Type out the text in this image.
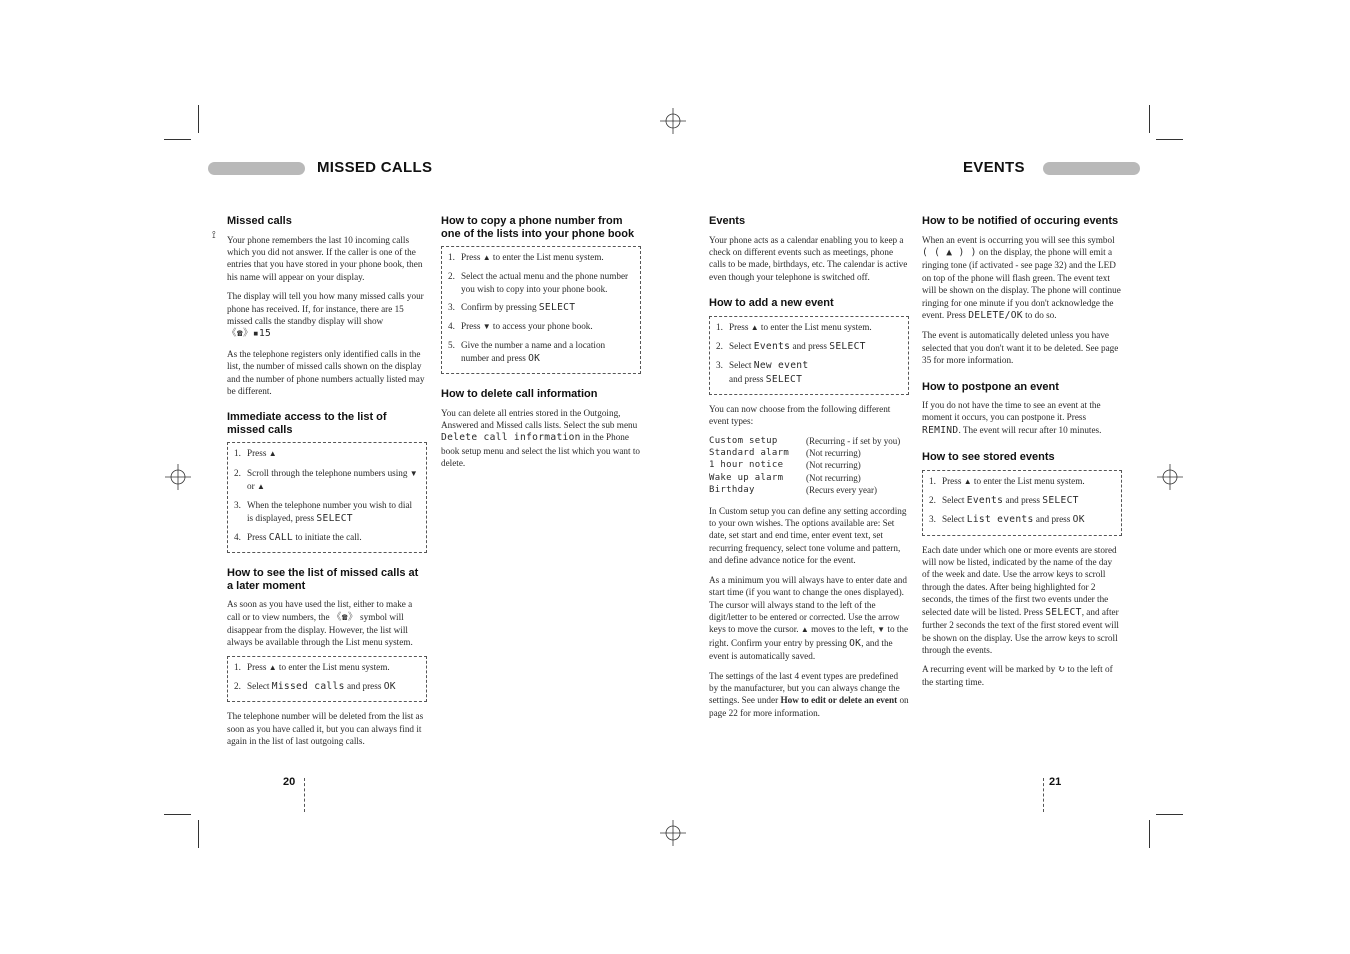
MISSED CALLS	EVENTS
⟟
Missed calls

Your phone remembers the last 10 incoming calls which you did not answer. If the caller is one of the entries that you have stored in your phone book, then his name will appear on your display.

The display will tell you how many missed calls your phone has received. If, for instance, there are 15 missed calls the standby display will show
《☎》▪15

As the telephone registers only identified calls in the list, the number of missed calls shown on the display and the number of phone numbers actually listed may be different.

Immediate access to the list of missed calls
1. Press ▲
2. Scroll through the telephone numbers using ▼ or ▲
3. When the telephone number you wish to dial is displayed, press SELECT
4. Press CALL to initiate the call.
How to see the list of missed calls at a later moment

As soon as you have used the list, either to make a call or to view numbers, the 《☎》 symbol will disappear from the display. However, the list will always be available through the List menu system.

1. Press ▲ to enter the List menu system.
2. Select Missed calls and press OK

The telephone number will be deleted from the list as soon as you have called it, but you can always find it again in the list of last outgoing calls.

How to copy a phone number from one of the lists into your phone book
1. Press ▲ to enter the List menu system.
2. Select the actual menu and the phone number you wish to copy into your phone book.
3. Confirm by pressing SELECT
4. Press ▼ to access your phone book.
5. Give the number a name and a location number and press OK
How to delete call information

You can delete all entries stored in the Outgoing, Answered and Missed calls lists. Select the sub menu Delete call information in the Phone book setup menu and select the list which you want to delete.

Events

Your phone acts as a calendar enabling you to keep a check on different events such as meetings, phone calls to be made, birthdays, etc. The calendar is active even though your telephone is switched off.

How to add a new event
1. Press ▲ to enter the List menu system.
2. Select Events and press SELECT
3. Select New event
and press SELECT

You can now choose from the following different event types:

Custom setup	(Recurring - if set by you)
Standard alarm	(Not recurring)
1 hour notice	(Not recurring)
Wake up alarm	(Not recurring)
Birthday	(Recurs every year)

In Custom setup you can define any setting according to your own wishes. The options available are: Set date, set start and end time, enter event text, set recurring frequency, select tone volume and pattern, and define advance notice for the event.

As a minimum you will always have to enter date and start time (if you want to change the ones displayed). The cursor will always stand to the left of the digit/letter to be entered or corrected. Use the arrow keys to move the cursor. ▲ moves to the left, ▼ to the right. Confirm your entry by pressing OK, and the event is automatically saved.

The settings of the last 4 event types are predefined by the manufacturer, but you can always change the settings. See under How to edit or delete an event on page 22 for more information.

How to be notified of occuring events

When an event is occurring you will see this symbol ( ( ▲ ) ) on the display, the phone will emit a ringing tone (if activated - see page 32) and the LED on top of the phone will flash green. The event text will be shown on the display. The phone will continue ringing for one minute if you don't acknowledge the event. Press DELETE/OK to do so.

The event is automatically deleted unless you have selected that you don't want it to be deleted. See page 35 for more information.

How to postpone an event

If you do not have the time to see an event at the moment it occurs, you can postpone it. Press REMIND. The event will recur after 10 minutes.

How to see stored events
1. Press ▲ to enter the List menu system.
2. Select Events and press SELECT
3. Select List events and press OK

Each date under which one or more events are stored will now be listed, indicated by the name of the day of the week and date. Use the arrow keys to scroll through the dates. After being highlighted for 2 seconds, the times of the first two events under the selected date will be listed. Press SELECT, and after further 2 seconds the text of the first stored event will be shown on the display. Use the arrow keys to scroll through the events.

A recurring event will be marked by ↻ to the left of the starting time.

20	21
